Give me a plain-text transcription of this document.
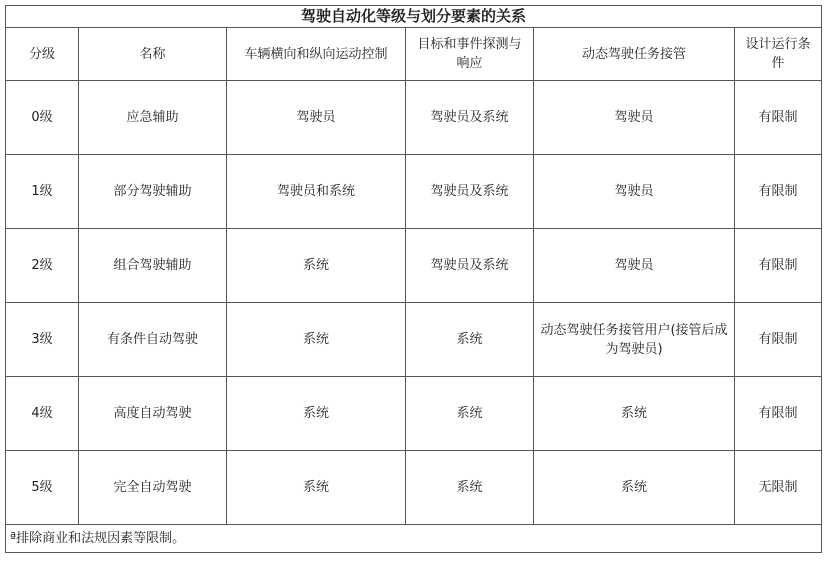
驾驶自动化等级与划分要素的关系					
分级	名称	车辆横向和纵向运动控制	目标和事件探测与响应	动态驾驶任务接管	设计运行条件
0级	应急辅助	驾驶员	驾驶员及系统	驾驶员	有限制
1级	部分驾驶辅助	驾驶员和系统	驾驶员及系统	驾驶员	有限制
2级	组合驾驶辅助	系统	驾驶员及系统	驾驶员	有限制
3级	有条件自动驾驶	系统	系统	动态驾驶任务接管用户(接管后成为驾驶员)	有限制
4级	高度自动驾驶	系统	系统	系统	有限制
5级	完全自动驾驶	系统	系统	系统	无限制
ª排除商业和法规因素等限制。					
